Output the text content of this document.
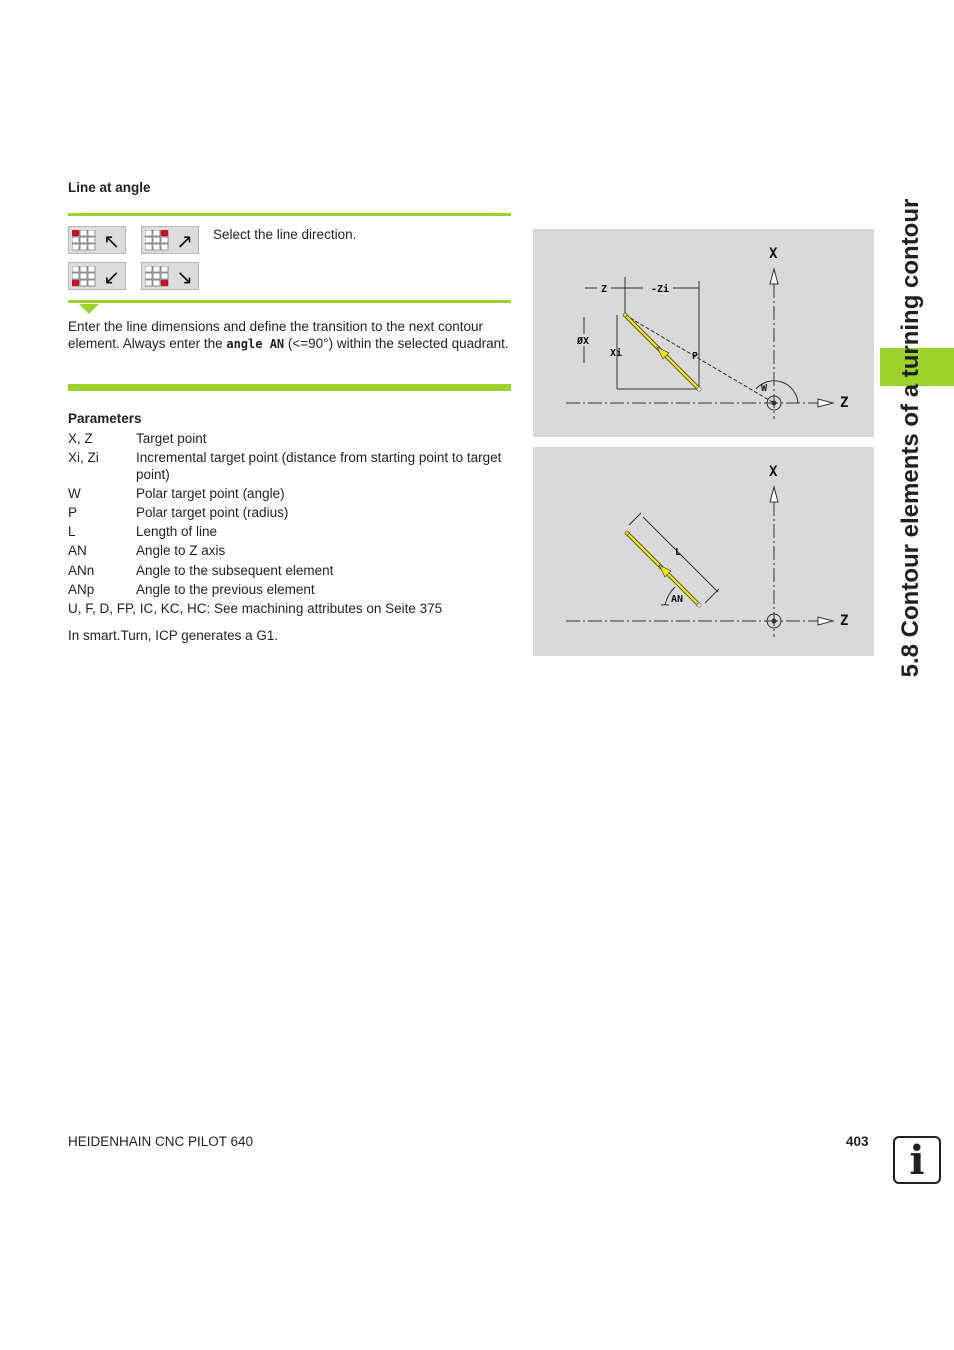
Line at angle
↖	↗
↙	↘
Select the line direction.
Enter the line dimensions and define the transition to the next contour element. Always enter the angle AN (<=90°) within the selected quadrant.
Parameters
X, Z	Target point
Xi, Zi	Incremental target point (distance from starting point to target point)
W	Polar target point (angle)
P	Polar target point (radius)
L	Length of line
AN	Angle to Z axis
ANn	Angle to the subsequent element
ANp	Angle to the previous element
U, F, D, FP, IC, KC, HC: See machining attributes on Seite 375
In smart.Turn, ICP generates a G1.
X
Z
Z	-Zi
ØX
Xi	P
W
X
Z
L
AN	5.8 Contour elements of a turning contour
HEIDENHAIN CNC PILOT 640	403	i
